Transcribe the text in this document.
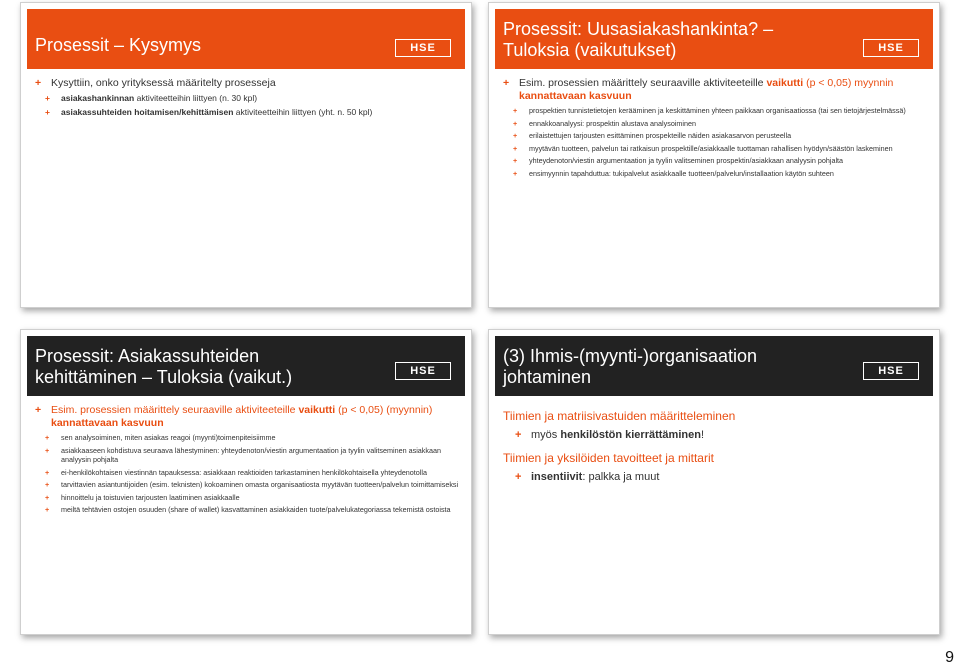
Prosessit – Kysymys	HSE
+ Kysyttiin, onko yrityksessä määritelty prosesseja
+ asiakashankinnan aktiviteetteihin liittyen (n. 30 kpl)
+ asiakassuhteiden hoitamisen/kehittämisen aktiviteetteihin liittyen (yht. n. 50 kpl)
Prosessit: Uusasiakashankinta? – Tuloksia (vaikutukset)	HSE
+ Esim. prosessien määrittely seuraaville aktiviteeteille vaikutti (p < 0,05) myynnin kannattavaan kasvuun
+ prospektien tunnistetietojen kerääminen ja keskittäminen yhteen paikkaan organisaatiossa (tai sen tietojärjestelmässä)
+ ennakkoanalyysi: prospektin alustava analysoiminen
+ erilaistettujen tarjousten esittäminen prospekteille näiden asiakasarvon perusteella
+ myytävän tuotteen, palvelun tai ratkaisun prospektille/asiakkaalle tuottaman rahallisen hyödyn/säästön laskeminen
+ yhteydenoton/viestin argumentaation ja tyylin valitseminen prospektin/asiakkaan analyysin pohjalta
+ ensimyynnin tapahduttua: tukipalvelut asiakkaalle tuotteen/palvelun/installaation käytön suhteen
Prosessit: Asiakassuhteiden kehittäminen – Tuloksia (vaikut.)	HSE
+ Esim. prosessien määrittely seuraaville aktiviteeteille vaikutti (p < 0,05) (myynnin) kannattavaan kasvuun
+ sen analysoiminen, miten asiakas reagoi (myynti)toimenpiteisiimme
+ asiakkaaseen kohdistuva seuraava lähestyminen: yhteydenoton/viestin argumentaation ja tyylin valitseminen asiakkaan analyysin pohjalta
+ ei-henkilökohtaisen viestinnän tapauksessa: asiakkaan reaktioiden tarkastaminen henkilökohtaisella yhteydenotolla
+ tarvittavien asiantuntijoiden (esim. teknisten) kokoaminen omasta organisaatiosta myytävän tuotteen/palvelun toimittamiseksi
+ hinnoittelu ja toistuvien tarjousten laatiminen asiakkaalle
+ meiltä tehtävien ostojen osuuden (share of wallet) kasvattaminen asiakkaiden tuote/palvelukategoriassa tekemistä ostoista
(3) Ihmis-(myynti-)organisaation johtaminen	HSE
Tiimien ja matriisivastuiden määritteleminen
+ myös henkilöstön kierrättäminen!
Tiimien ja yksilöiden tavoitteet ja mittarit
+ insentiivit: palkka ja muut
9
